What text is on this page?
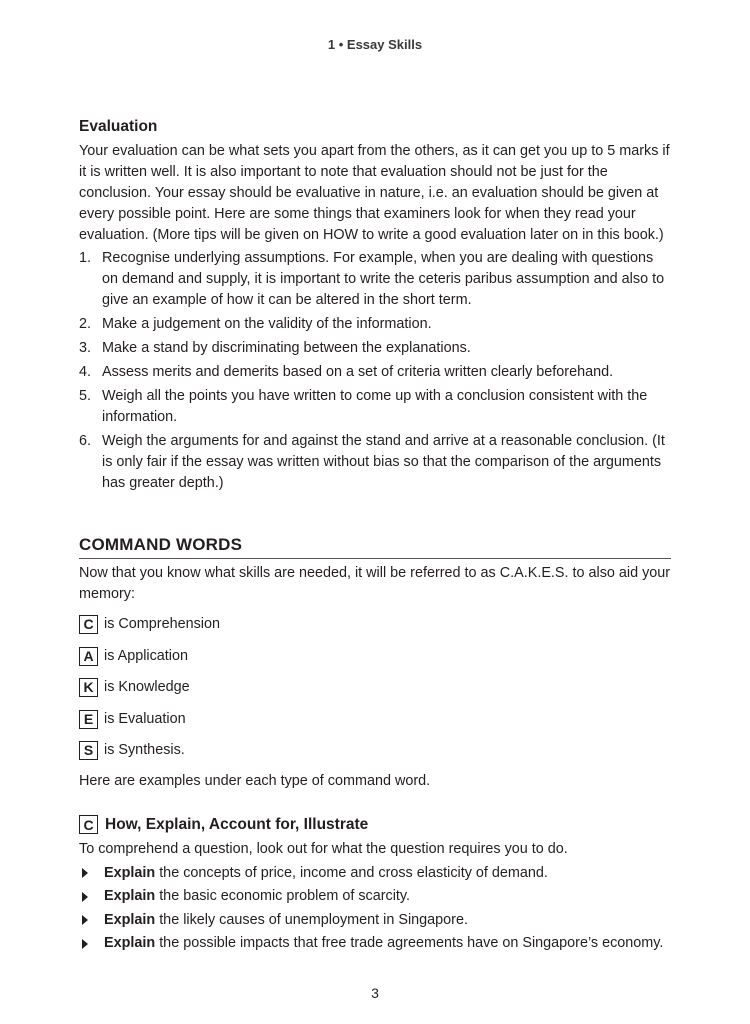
1 • Essay Skills
Evaluation

Your evaluation can be what sets you apart from the others, as it can get you up to 5 marks if it is written well. It is also important to note that evaluation should not be just for the conclusion. Your essay should be evaluative in nature, i.e. an evaluation should be given at every possible point. Here are some things that examiners look for when they read your evaluation. (More tips will be given on HOW to write a good evaluation later on in this book.)

1. Recognise underlying assumptions. For example, when you are dealing with questions on demand and supply, it is important to write the ceteris paribus assumption and also to give an example of how it can be altered in the short term.
2. Make a judgement on the validity of the information.
3. Make a stand by discriminating between the explanations.
4. Assess merits and demerits based on a set of criteria written clearly beforehand.
5. Weigh all the points you have written to come up with a conclusion consistent with the information.
6. Weigh the arguments for and against the stand and arrive at a reasonable conclusion. (It is only fair if the essay was written without bias so that the comparison of the arguments has greater depth.)
COMMAND WORDS

Now that you know what skills are needed, it will be referred to as C.A.K.E.S. to also aid your memory:

C is Comprehension
A is Application
K is Knowledge
E is Evaluation
S is Synthesis.

Here are examples under each type of command word.

C How, Explain, Account for, Illustrate

To comprehend a question, look out for what the question requires you to do.

Explain the concepts of price, income and cross elasticity of demand.
Explain the basic economic problem of scarcity.
Explain the likely causes of unemployment in Singapore.
Explain the possible impacts that free trade agreements have on Singapore’s economy.
3
